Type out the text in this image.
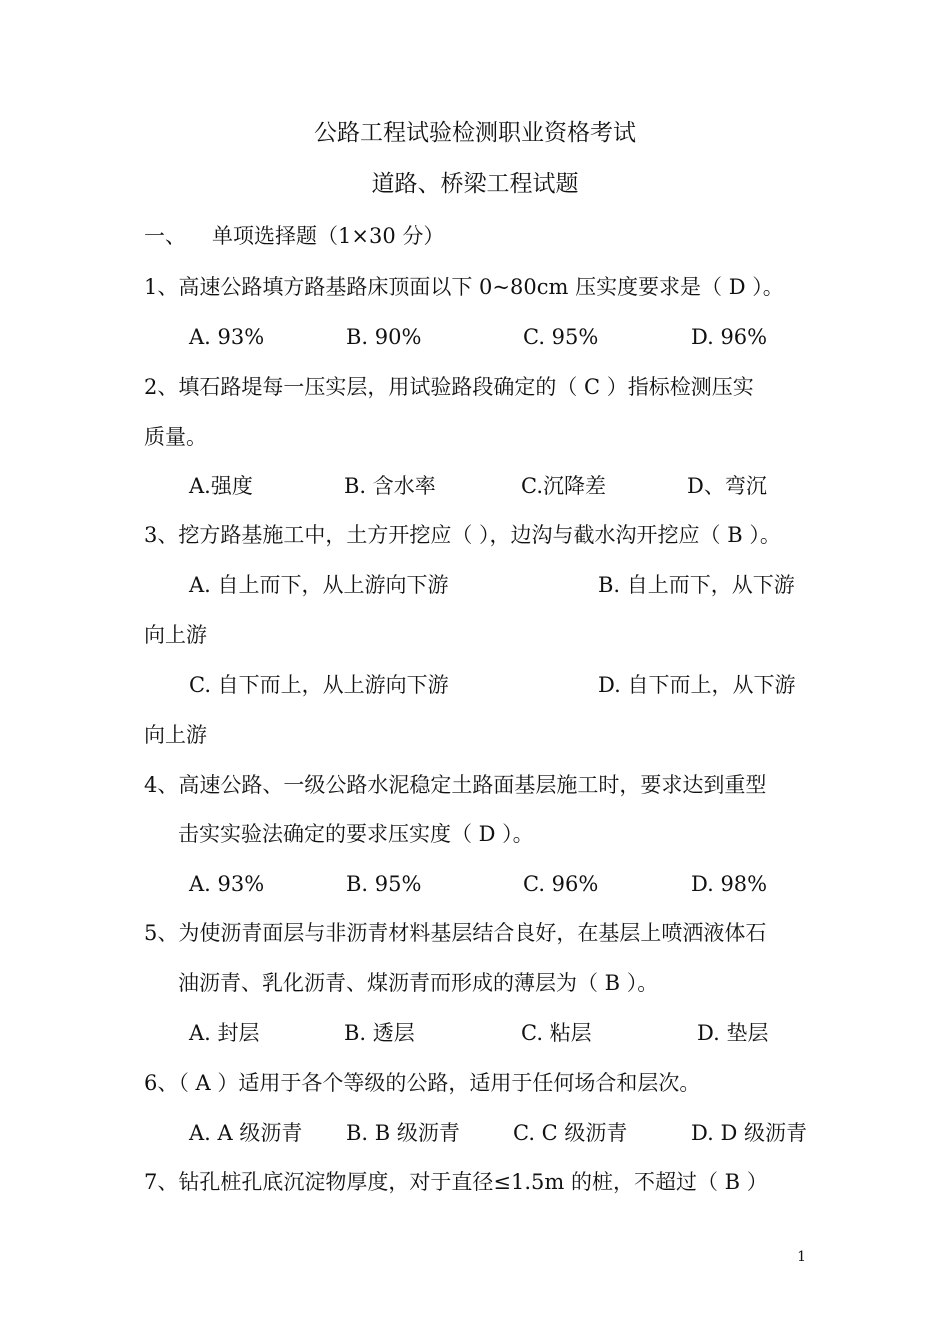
公路工程试验检测职业资格考试
道路、桥梁工程试题
一、 单项选择题（1×30 分）
1、高速公路填方路基路床顶面以下 0~80cm 压实度要求是（ D ）。
A. 93%	B. 90%	C. 95%	D. 96%
2、填石路堤每一压实层，用试验路段确定的（ C ）指标检测压实
质量。
A.强度	B. 含水率	C.沉降差	D、弯沉
3、挖方路基施工中，土方开挖应（ ），边沟与截水沟开挖应（ B ）。
A. 自上而下，从上游向下游	B. 自上而下，从下游
向上游
C. 自下而上，从上游向下游	D. 自下而上，从下游
向上游
4、高速公路、一级公路水泥稳定土路面基层施工时，要求达到重型
击实实验法确定的要求压实度（ D ）。
A. 93%	B. 95%	C. 96%	D. 98%
5、为使沥青面层与非沥青材料基层结合良好，在基层上喷洒液体石
油沥青、乳化沥青、煤沥青而形成的薄层为（ B ）。
A. 封层	B. 透层	C. 粘层	D. 垫层
6、（ A ）适用于各个等级的公路，适用于任何场合和层次。
A. A 级沥青 B. B 级沥青	C. C 级沥青	D. D 级沥青
7、钻孔桩孔底沉淀物厚度，对于直径≤1.5m 的桩，不超过（ B ）
1
